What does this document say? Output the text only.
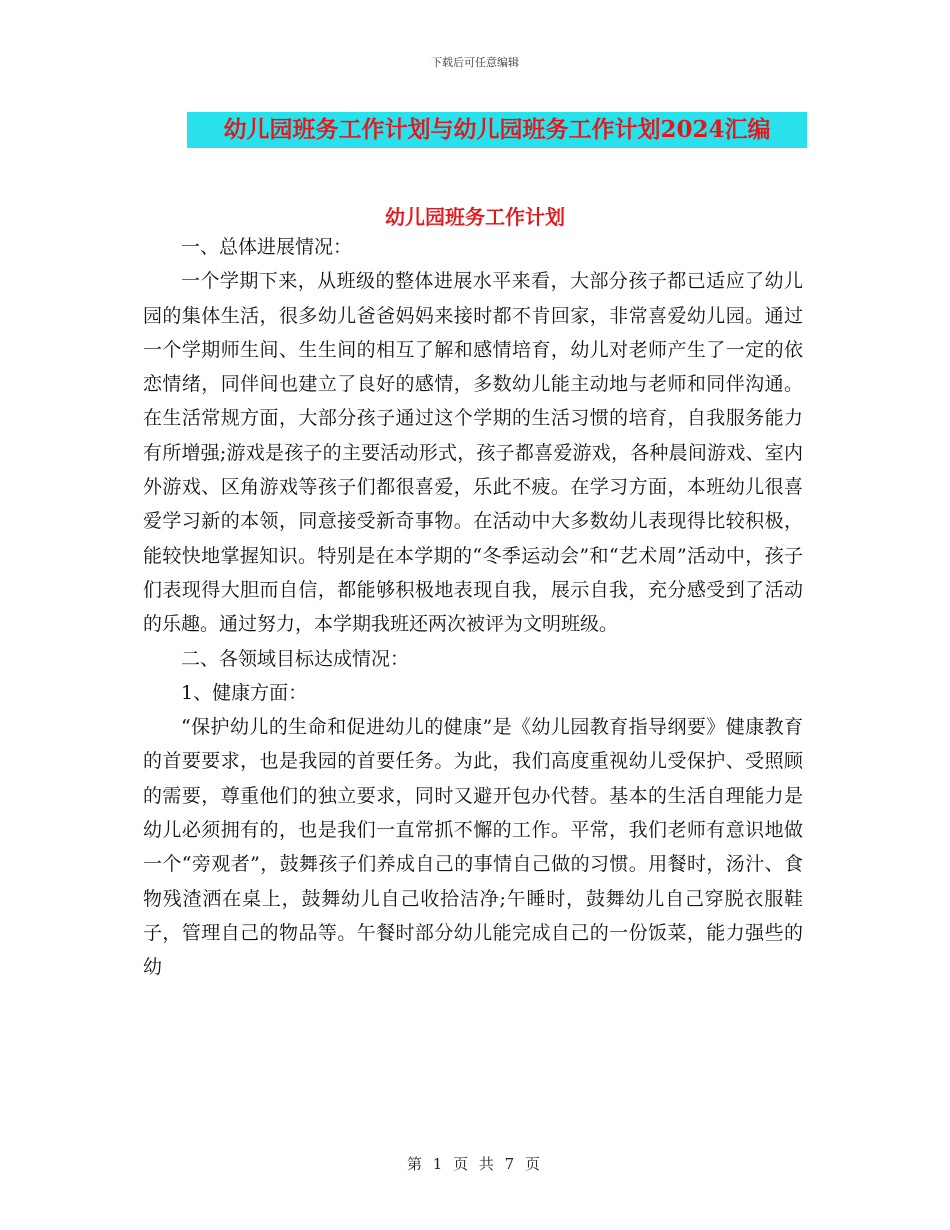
下载后可任意编辑
幼儿园班务工作计划与幼儿园班务工作计划2024汇编
幼儿园班务工作计划

一、总体进展情况：

一个学期下来，从班级的整体进展水平来看，大部分孩子都已适应了幼儿园的集体生活，很多幼儿爸爸妈妈来接时都不肯回家，非常喜爱幼儿园。通过一个学期师生间、生生间的相互了解和感情培育，幼儿对老师产生了一定的依恋情绪，同伴间也建立了良好的感情，多数幼儿能主动地与老师和同伴沟通。在生活常规方面，大部分孩子通过这个学期的生活习惯的培育，自我服务能力有所增强;游戏是孩子的主要活动形式，孩子都喜爱游戏，各种晨间游戏、室内外游戏、区角游戏等孩子们都很喜爱，乐此不疲。在学习方面，本班幼儿很喜爱学习新的本领，同意接受新奇事物。在活动中大多数幼儿表现得比较积极，能较快地掌握知识。特别是在本学期的“冬季运动会”和“艺术周”活动中，孩子们表现得大胆而自信，都能够积极地表现自我，展示自我，充分感受到了活动的乐趣。通过努力，本学期我班还两次被评为文明班级。

二、各领域目标达成情况：

1、健康方面：

“保护幼儿的生命和促进幼儿的健康”是《幼儿园教育指导纲要》健康教育的首要要求，也是我园的首要任务。为此，我们高度重视幼儿受保护、受照顾的需要，尊重他们的独立要求，同时又避开包办代替。基本的生活自理能力是幼儿必须拥有的，也是我们一直常抓不懈的工作。平常，我们老师有意识地做一个“旁观者”，鼓舞孩子们养成自己的事情自己做的习惯。用餐时，汤汁、食物残渣洒在桌上，鼓舞幼儿自己收拾洁净;午睡时，鼓舞幼儿自己穿脱衣服鞋子，管理自己的物品等。午餐时部分幼儿能完成自己的一份饭菜，能力强些的幼

第 1 页 共 7 页
